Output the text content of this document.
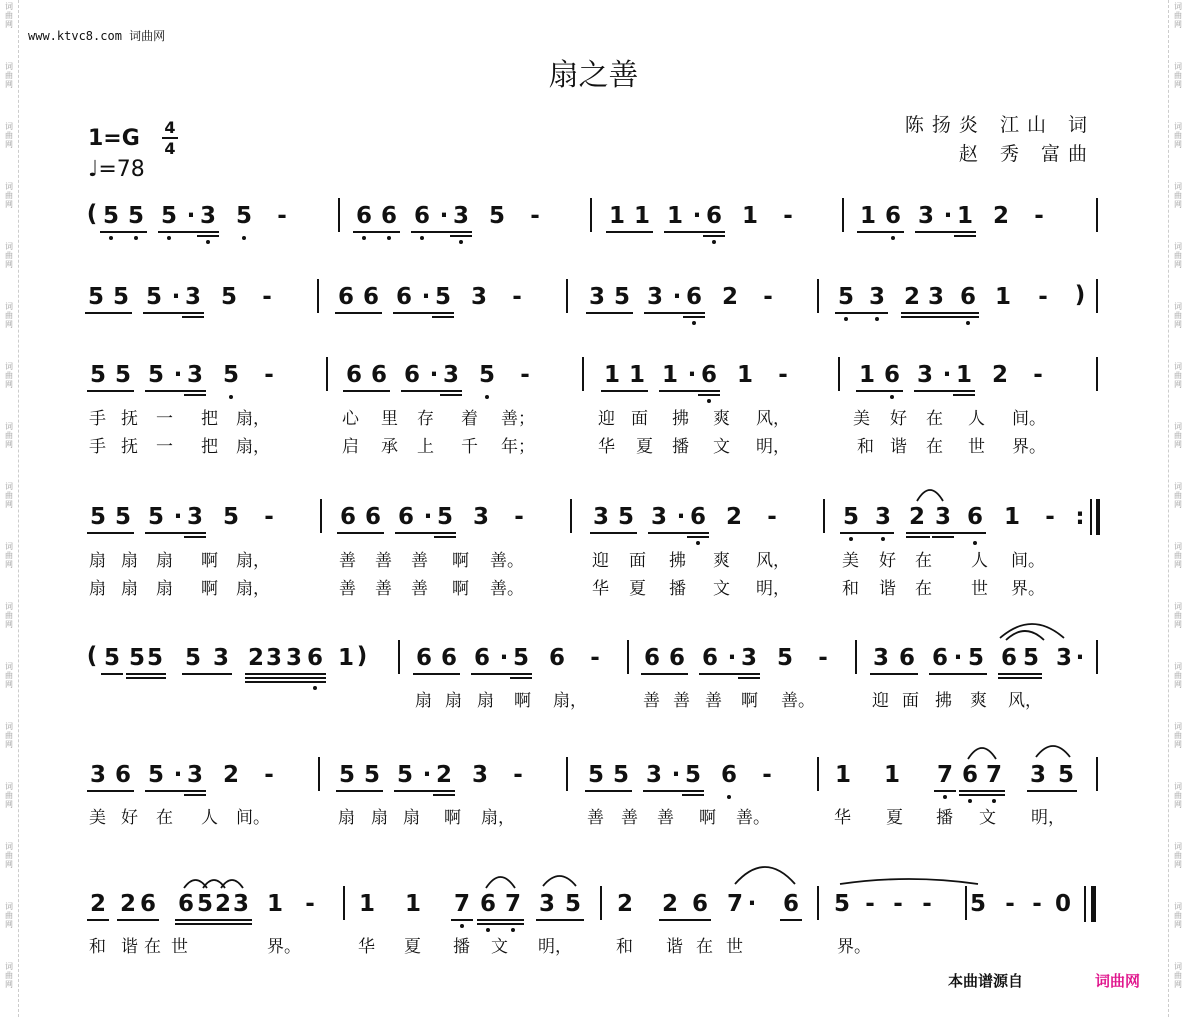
词
曲
网
词
曲
网
词
曲
网
词
曲
网
词
曲
网
词
曲
网
词
曲
网
词
曲
网
词
曲
网
词
曲
网
词
曲
网
词
曲
网
词
曲
网
词
曲
网
词
曲
网
词
曲
网
词
曲
网
词
曲
网
词
曲
网
词
曲
网
词
曲
网
词
曲
网
词
曲
网
词
曲
网
词
曲
网
词
曲
网
词
曲
网
词
曲
网
词
曲
网
词
曲
网
词
曲
网
词
曲
网
词
曲
网
词
曲
网
www.ktvc8.com 词曲网
扇之善
1=G 4
4
♩=78
陈扬炎 江山 词
赵 秀 富曲
( 5 5 5 · 3 5 -	6 6 6 · 3 5 -	1 1 1 · 6 1 -	1 6 3 · 1 2 -
5 5 5 · 3 5 -	6 6 6 · 5 3 -	3 5 3 · 6 2 -	5 3 2 3 6 1 - )
5 5 5 · 3 5 -	6 6 6 · 3 5 -	1 1 1 · 6 1 -	1 6 3 · 1 2 -
5 5 5 · 3 5 -	6 6 6 · 5 3 -	3 5 3 · 6 2 -	5 3 2 3 6 1 - :
( 5 5 5 5 3 2 3 3 6 1 ) 6 6 6 · 5 6 - 6 6 6 · 3 5 - 3 6 6 · 5 6 5 3 ·
3 6 5 · 3 2 -	5 5 5 · 2 3 -	5 5 3 · 5 6 -	1 1 7 6 7 3 5
2 2 6 6 5 2 3 1 - 1 1 7 6 7 3 5 2 2 6 7 · 6 5 - - - 5 - - 0
手 抚 一 把 扇，	心 里 存 着 善；	迎 面 拂 爽 风，	美 好 在 人 间。
手 抚 一 把 扇，	启 承 上 千 年；	华 夏 播 文 明，	和 谐 在 世 界。
扇 扇 扇 啊 扇，	善 善 善 啊 善。	迎 面 拂 爽 风，	美 好 在 人 间。
扇 扇 扇 啊 扇，	善 善 善 啊 善。	华 夏 播 文 明，	和 谐 在 世 界。
扇 扇 扇 啊 扇，	善 善 善 啊 善。	迎 面 拂 爽 风，
美 好 在 人 间。	扇 扇 扇 啊 扇，	善 善 善 啊 善。	华 夏 播 文 明，
和 谐 在 世	界。	华 夏 播 文 明，	和 谐 在 世	界。
本曲谱源自	词曲网
